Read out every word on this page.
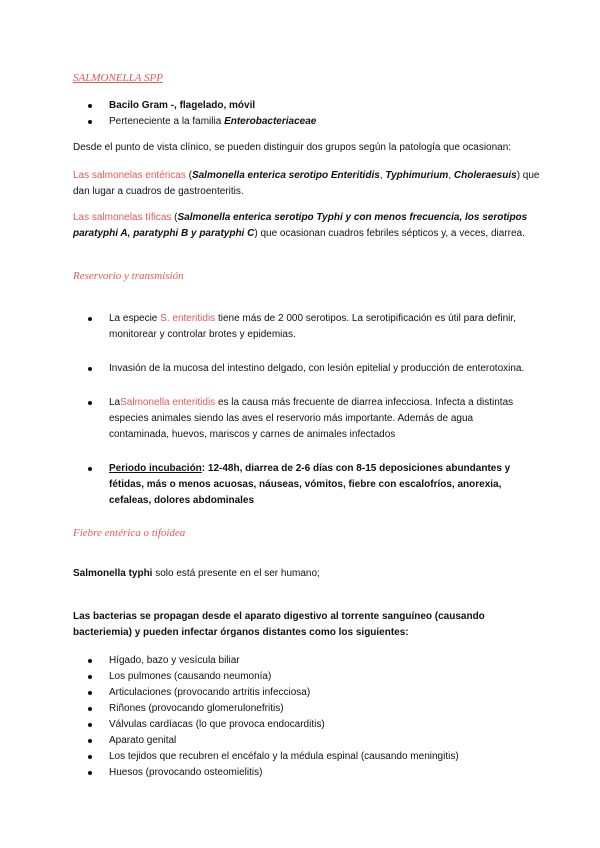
SALMONELLA SPP
Bacilo Gram -, flagelado, móvil
Perteneciente a la familia Enterobacteriaceae

Desde el punto de vista clínico, se pueden distinguir dos grupos según la patología que ocasionan:

Las salmonelas entéricas (Salmonella enterica serotipo Enteritidis, Typhimurium, Choleraesuis) que dan lugar a cuadros de gastroenteritis.

Las salmonelas tíficas (Salmonella enterica serotipo Typhi y con menos frecuencia, los serotipos paratyphi A, paratyphi B y paratyphi C) que ocasionan cuadros febriles sépticos y, a veces, diarrea.

Reservorio y transmisión
La especie S. enteritidis tiene más de 2 000 serotipos. La serotipificación es útil para definir, monitorear y controlar brotes y epidemias.
Invasión de la mucosa del intestino delgado, con lesión epitelial y producción de enterotoxina.
LaSalmonella enteritidis es la causa más frecuente de diarrea infecciosa. Infecta a distintas especies animales siendo las aves el reservorio más importante. Además de agua contaminada, huevos, mariscos y carnes de animales infectados
Periodo incubación: 12-48h, diarrea de 2-6 días con 8-15 deposiciones abundantes y fétidas, más o menos acuosas, náuseas, vómitos, fiebre con escalofríos, anorexia, cefaleas, dolores abdominales
Fiebre entérica o tifoidea

Salmonella typhi solo está presente en el ser humano;

Las bacterias se propagan desde el aparato digestivo al torrente sanguíneo (causando bacteriemia) y pueden infectar órganos distantes como los siguientes:

Hígado, bazo y vesícula biliar
Los pulmones (causando neumonía)
Articulaciones (provocando artritis infecciosa)
Riñones (provocando glomerulonefritis)
Válvulas cardíacas (lo que provoca endocarditis)
Aparato genital
Los tejidos que recubren el encéfalo y la médula espinal (causando meningitis)
Huesos (provocando osteomielitis)
